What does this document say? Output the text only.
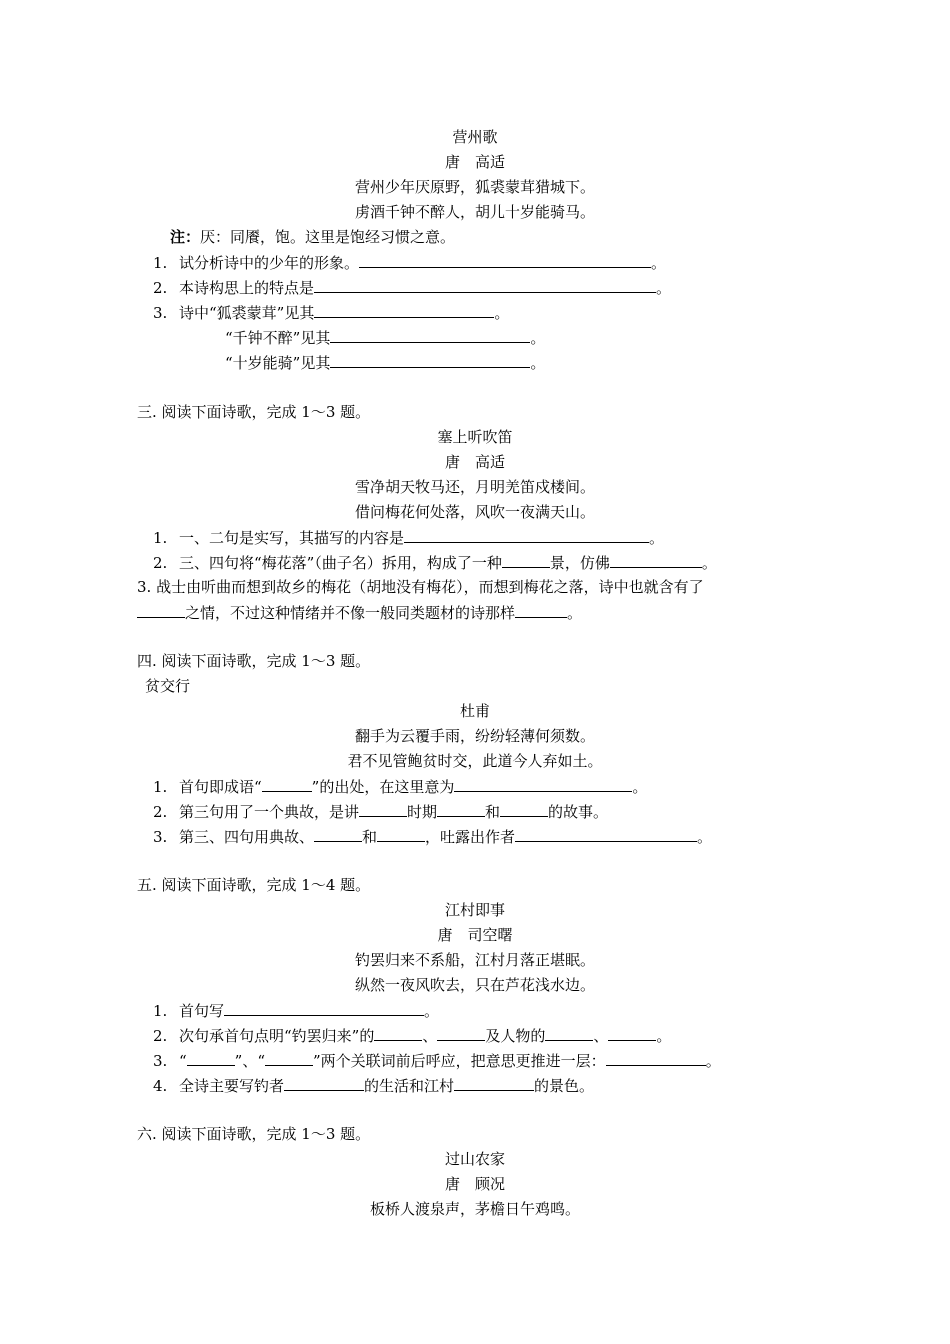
营州歌
唐　高适
营州少年厌原野，狐裘蒙茸猎城下。
虏酒千钟不醉人，胡儿十岁能骑马。
注：厌：同餍，饱。这里是饱经习惯之意。
1. 试分析诗中的少年的形象。	。
2. 本诗构思上的特点是	。
3. 诗中“狐裘蒙茸”见其	。
“千钟不醉”见其	。
“十岁能骑”见其	。
三. 阅读下面诗歌，完成 1～3 题。
塞上听吹笛
唐　高适
雪净胡天牧马还，月明羌笛戍楼间。
借问梅花何处落，风吹一夜满天山。
1. 一、二句是实写，其描写的内容是	。
2. 三、四句将“梅花落”（曲子名）拆用，构成了一种	景，仿佛	。
3. 战士由听曲而想到故乡的梅花（胡地没有梅花），而想到梅花之落，诗中也就含有了
之情，不过这种情绪并不像一般同类题材的诗那样	。
四. 阅读下面诗歌，完成 1～3 题。
贫交行
杜甫
翻手为云覆手雨，纷纷轻薄何须数。
君不见管鲍贫时交，此道今人弃如土。
1. 首句即成语“	”的出处，在这里意为	。
2. 第三句用了一个典故，是讲	时期	和	的故事。
3. 第三、四句用典故、	和	，吐露出作者	。
五. 阅读下面诗歌，完成 1～4 题。
江村即事
唐　司空曙
钓罢归来不系船，江村月落正堪眠。
纵然一夜风吹去，只在芦花浅水边。
1. 首句写	。
2. 次句承首句点明“钓罢归来”的	、	及人物的	、	。
3. “	”、“	”两个关联词前后呼应，把意思更推进一层：	。
4. 全诗主要写钓者	的生活和江村	的景色。
六. 阅读下面诗歌，完成 1～3 题。
过山农家
唐　顾况
板桥人渡泉声，茅檐日午鸡鸣。
